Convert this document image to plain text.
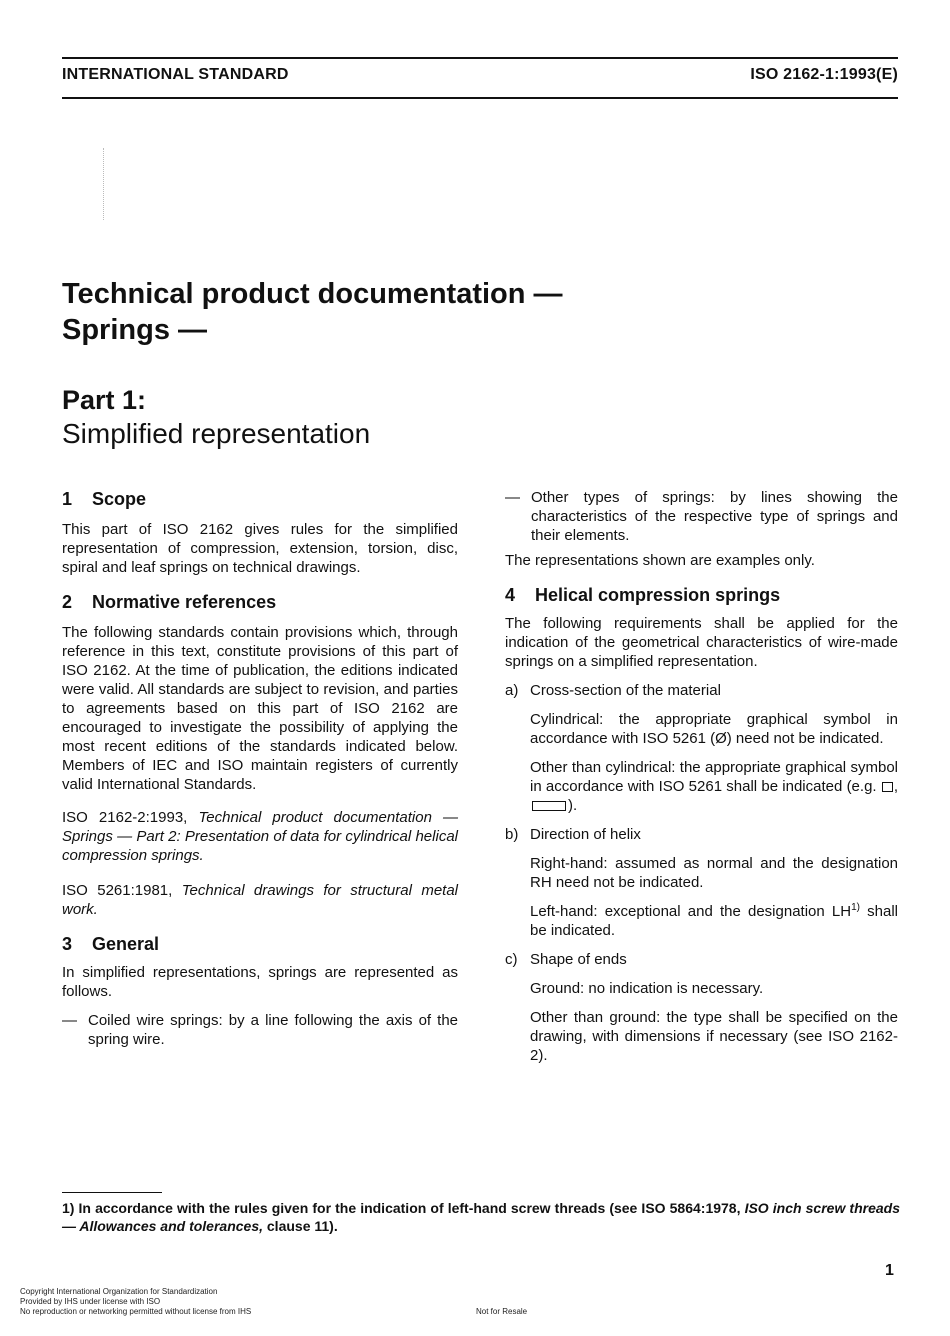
INTERNATIONAL STANDARD	ISO 2162-1:1993(E)
Technical product documentation —
Springs —
Part 1:
Simplified representation
1	Scope

This part of ISO 2162 gives rules for the simplified representation of compression, extension, torsion, disc, spiral and leaf springs on technical drawings.

2	Normative references

The following standards contain provisions which, through reference in this text, constitute provisions of this part of ISO 2162. At the time of publication, the editions indicated were valid. All standards are subject to revision, and parties to agreements based on this part of ISO 2162 are encouraged to investigate the possibility of applying the most recent editions of the standards indicated below. Members of IEC and ISO maintain registers of currently valid International Standards.

ISO 2162-2:1993, Technical product documentation — Springs — Part 2: Presentation of data for cylindrical helical compression springs.

ISO 5261:1981, Technical drawings for structural metal work.

3	General

In simplified representations, springs are represented as follows.

— Coiled wire springs: by a line following the axis of the spring wire.
— Other types of springs: by lines showing the characteristics of the respective type of springs and their elements.

The representations shown are examples only.

4	Helical compression springs

The following requirements shall be applied for the indication of the geometrical characteristics of wire-made springs on a simplified representation.

a) Cross-section of the material

Cylindrical: the appropriate graphical symbol in accordance with ISO 5261 (Ø) need not be indicated.

Other than cylindrical: the appropriate graphical symbol in accordance with ISO 5261 shall be indicated (e.g. ,).

b) Direction of helix

Right-hand: assumed as normal and the designation RH need not be indicated.

Left-hand: exceptional and the designation LH$^{1)}$ shall be indicated.

c) Shape of ends

Ground: no indication is necessary.

Other than ground: the type shall be specified on the drawing, with dimensions if necessary (see ISO 2162-2).

1) In accordance with the rules given for the indication of left-hand screw threads (see ISO 5864:1978, ISO inch screw threads — Allowances and tolerances, clause 11).
1
Copyright International Organization for Standardization
Provided by IHS under license with ISO
No reproduction or networking permitted without license from IHS	Not for Resale
